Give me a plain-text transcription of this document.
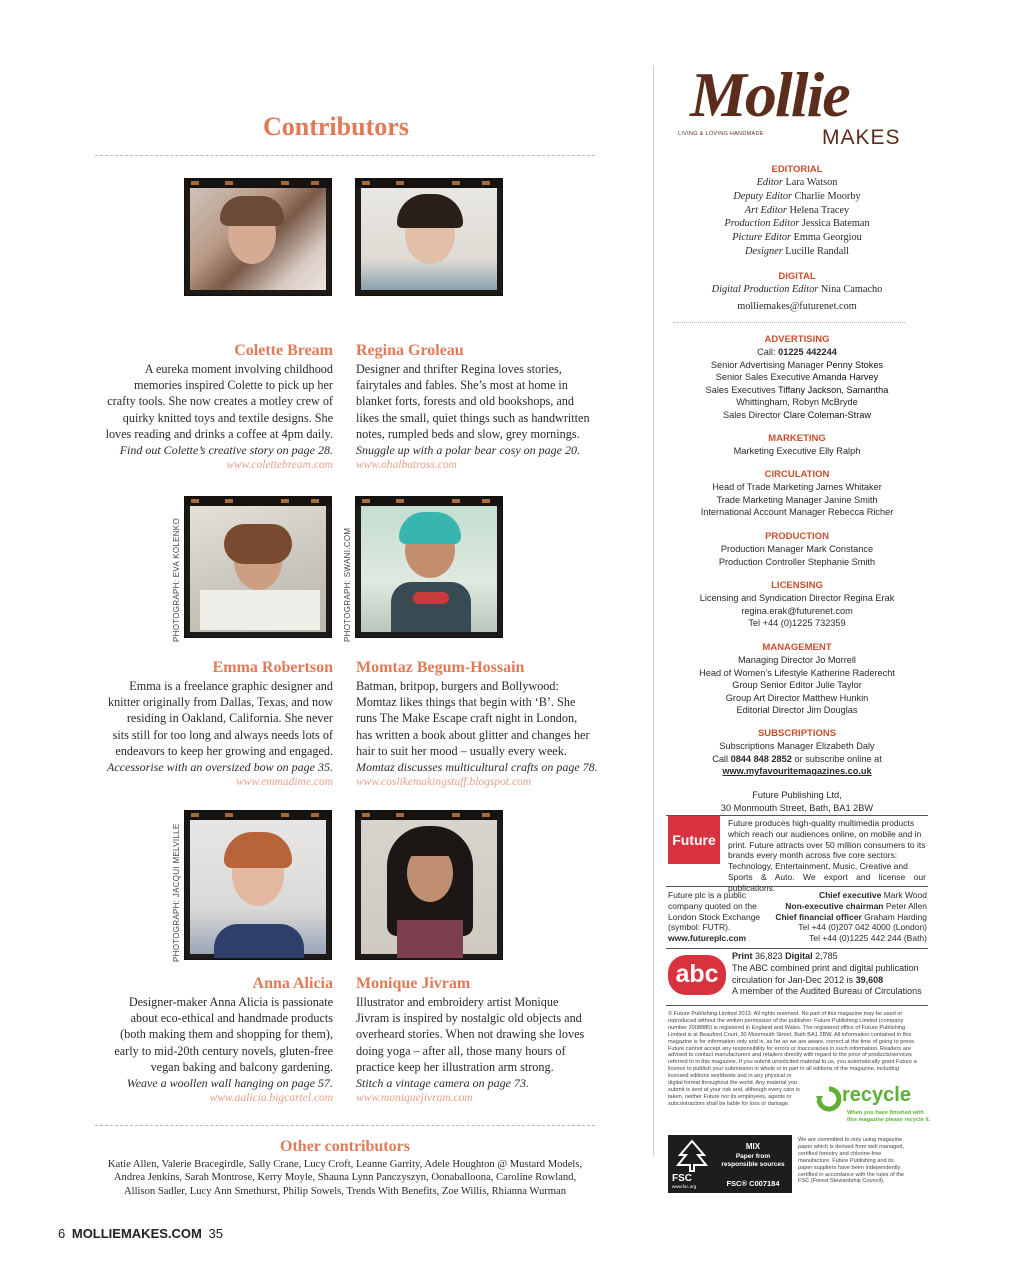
Contributors
Colette Bream
A eureka moment involving childhood
memories inspired Colette to pick up her
crafty tools. She now creates a motley crew of
quirky knitted toys and textile designs. She
loves reading and drinks a coffee at 4pm daily.
Find out Colette’s creative story on page 28.
www.colettebream.com
Regina Groleau
Designer and thrifter Regina loves stories,
fairytales and fables. She’s most at home in
blanket forts, forests and old bookshops, and
likes the small, quiet things such as handwritten
notes, rumpled beds and slow, grey mornings.
Snuggle up with a polar bear cosy on page 20.
www.ohalbatross.com
PHOTOGRAPH: EVA KOLENKO	PHOTOGRAPH: SWANI.COM
Emma Robertson
Emma is a freelance graphic designer and
knitter originally from Dallas, Texas, and now
residing in Oakland, California. She never
sits still for too long and always needs lots of
endeavors to keep her growing and engaged.
Accessorise with an oversized bow on page 35.
www.emmadime.com
Momtaz Begum-Hossain
Batman, britpop, burgers and Bollywood:
Momtaz likes things that begin with ‘B’. She
runs The Make Escape craft night in London,
has written a book about glitter and changes her
hair to suit her mood – usually every week.
Momtaz discusses multicultural crafts on page 78.
www.coslikemakingstuff.blogspot.com
PHOTOGRAPH: JACQUI MELVILLE
Anna Alicia
Designer-maker Anna Alicia is passionate
about eco-ethical and handmade products
(both making them and shopping for them),
early to mid-20th century novels, gluten-free
vegan baking and balcony gardening.
Weave a woollen wall hanging on page 57.
www.aalicia.bigcartel.com
Monique Jivram
Illustrator and embroidery artist Monique
Jivram is inspired by nostalgic old objects and
overheard stories. When not drawing she loves
doing yoga – after all, those many hours of
practice keep her illustration arm strong.
Stitch a vintage camera on page 73.
www.moniquejivram.com
Other contributors
Katie Allen, Valerie Bracegirdle, Sally Crane, Lucy Croft, Leanne Garrity, Adele Houghton @ Mustard Models,
Andrea Jenkins, Sarah Montrose, Kerry Moyle, Shauna Lynn Panczyszyn, Oonaballoona, Caroline Rowland,
Allison Sadler, Lucy Ann Smethurst, Philip Sowels, Trends With Benefits, Zoe Willis, Rhianna Wurman
6 MOLLIEMAKES.COM 35
Mollie
MAKES
LIVING & LOVING HANDMADE
EDITORIAL
Editor Lara Watson
Deputy Editor Charlie Moorby
Art Editor Helena Tracey
Production Editor Jessica Bateman
Picture Editor Emma Georgiou
Designer Lucille Randall
DIGITAL
Digital Production Editor Nina Camacho
molliemakes@futurenet.com
ADVERTISING
Call: 01225 442244
Senior Advertising Manager Penny Stokes
Senior Sales Executive Amanda Harvey
Sales Executives Tiffany Jackson, Samantha
Whittingham, Robyn McBryde
Sales Director Clare Coleman-Straw
MARKETING
Marketing Executive Elly Ralph
CIRCULATION
Head of Trade Marketing James Whitaker
Trade Marketing Manager Janine Smith
International Account Manager Rebecca Richer
PRODUCTION
Production Manager Mark Constance
Production Controller Stephanie Smith
LICENSING
Licensing and Syndication Director Regina Erak
regina.erak@futurenet.com
Tel +44 (0)1225 732359
MANAGEMENT
Managing Director Jo Morrell
Head of Women’s Lifestyle Katherine Raderecht
Group Senior Editor Julie Taylor
Group Art Director Matthew Hunkin
Editorial Director Jim Douglas
SUBSCRIPTIONS
Subscriptions Manager Elizabeth Daly
Call 0844 848 2852 or subscribe online at
www.myfavouritemagazines.co.uk
Future Publishing Ltd,
30 Monmouth Street, Bath, BA1 2BW
Future
Future produces high-quality multimedia products
which reach our audiences online, on mobile and in
print. Future attracts over 50 million consumers to its
brands every month across five core sectors:
Technology, Entertainment, Music, Creative and
Sports & Auto. We export and license our publications.
Future plc is a public
company quoted on the
London Stock Exchange
(symbol: FUTR).
www.futureplc.com
Chief executive Mark Wood
Non-executive chairman Peter Allen
Chief financial officer Graham Harding
Tel +44 (0)207 042 4000 (London)
Tel +44 (0)1225 442 244 (Bath)
abc
Print 36,823 Digital 2,785
The ABC combined print and digital publication
circulation for Jan-Dec 2012 is 39,608
A member of the Audited Bureau of Circulations
© Future Publishing Limited 2013. All rights reserved. No part of this magazine may be used or
reproduced without the written permission of the publisher. Future Publishing Limited (company
number 2008885) is registered in England and Wales. The registered office of Future Publishing
Limited is at Beauford Court, 30 Monmouth Street, Bath BA1 2BW. All information contained in this
magazine is for information only and is, as far as we are aware, correct at the time of going to press.
Future cannot accept any responsibility for errors or inaccuracies in such information. Readers are
advised to contact manufacturers and retailers directly with regard to the price of products/services
referred to in this magazine. If you submit unsolicited material to us, you automatically grant Future a
licence to publish your submission in whole or in part in all editions of the magazine, including
licensed editions worldwide and in any physical or
digital format throughout the world. Any material you
submit is sent at your risk and, although every care is
taken, neither Future nor its employees, agents or
subcontractors shall be liable for loss or damage.	recycle
When you have finished with
this magazine please recycle it.
FSC
www.fsc.org
MIX
Paper from
responsible sources
FSC® C007184
We are committed to only using magazine
paper which is derived from well managed,
certified forestry and chlorine-free
manufacture. Future Publishing and its
paper suppliers have been independently
certified in accordance with the rules of the
FSC (Forest Stewardship Council).
